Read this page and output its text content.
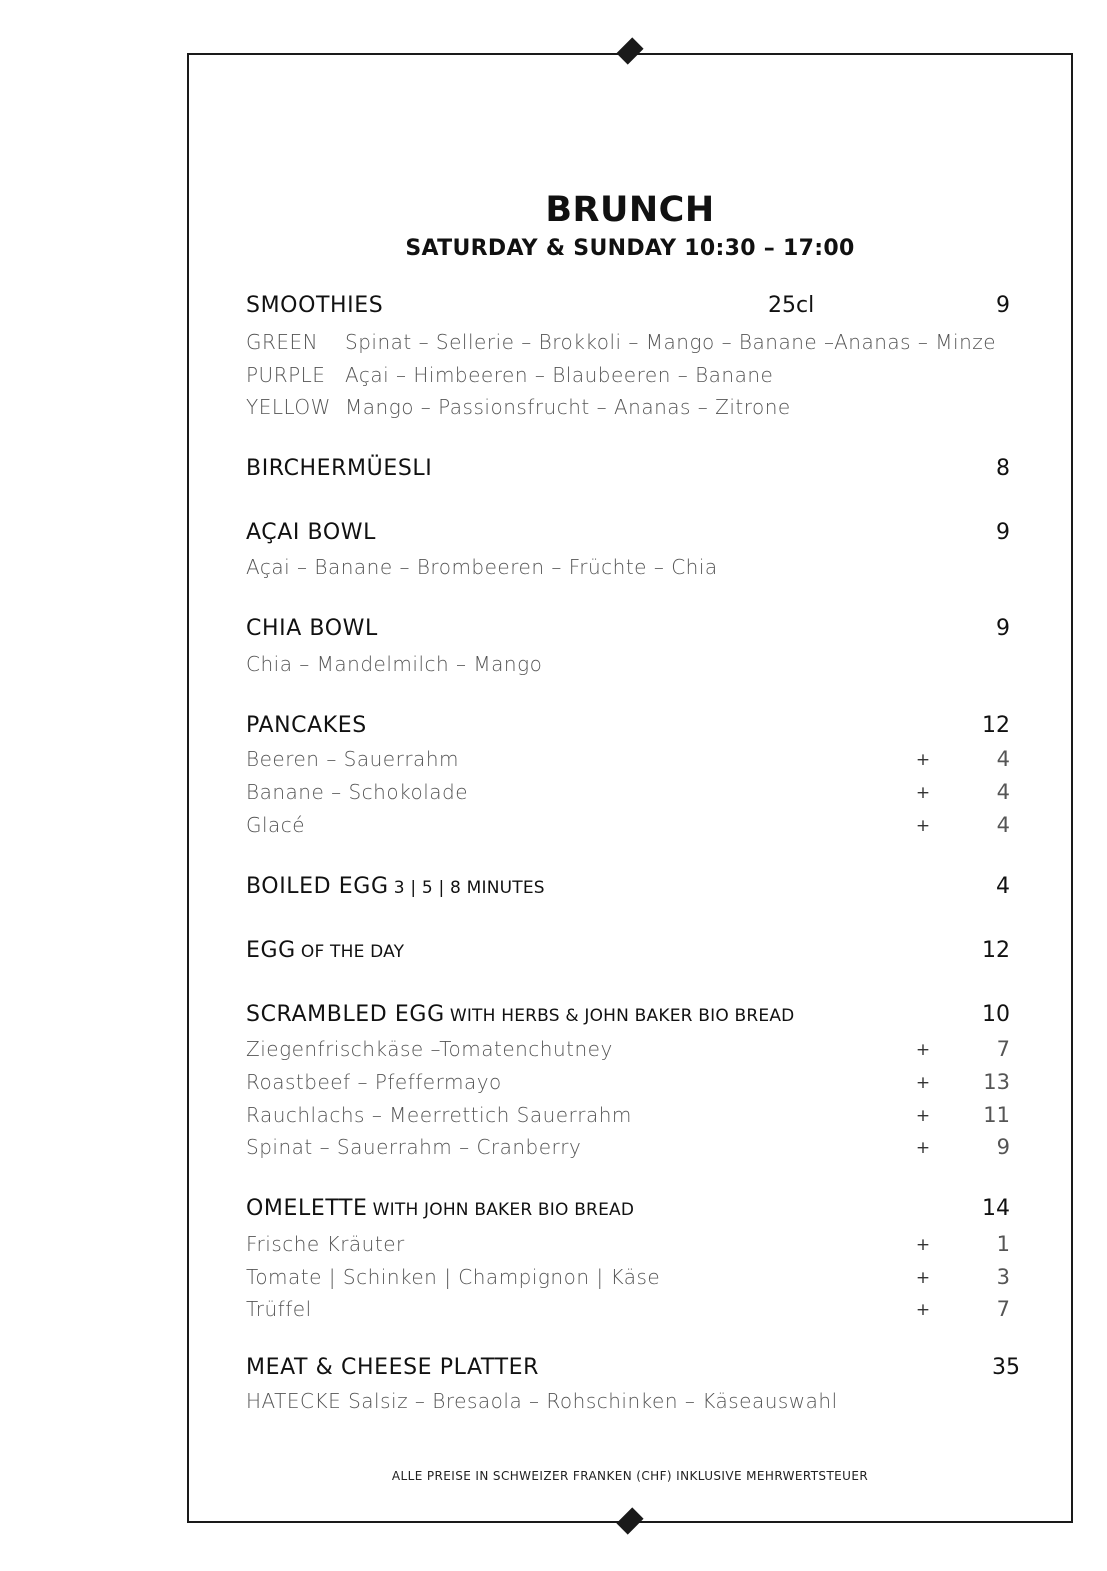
BRUNCH
SATURDAY & SUNDAY 10:30 – 17:00
SMOOTHIES	25cl	9
GREEN Spinat – Sellerie – Brokkoli – Mango – Banane –Ananas – Minze
PURPLE Açai – Himbeeren – Blaubeeren – Banane
YELLOW Mango – Passionsfrucht – Ananas – Zitrone
BIRCHERMÜESLI	8
AÇAI BOWL	9
Açai – Banane – Brombeeren – Früchte – Chia
CHIA BOWL	9
Chia – Mandelmilch – Mango
PANCAKES	12
Beeren – Sauerrahm	+	4
Banane – Schokolade	+	4
Glacé	+	4
BOILED EGG 3 | 5 | 8 MINUTES	4
EGG OF THE DAY	12
SCRAMBLED EGG WITH HERBS & JOHN BAKER BIO BREAD	10
Ziegenfrischkäse –Tomatenchutney	+	7
Roastbeef – Pfeffermayo	+	13
Rauchlachs – Meerrettich Sauerrahm	+	11
Spinat – Sauerrahm – Cranberry	+	9
OMELETTE WITH JOHN BAKER BIO BREAD	14
Frische Kräuter	+	1
Tomate | Schinken | Champignon | Käse	+	3
Trüffel	+	7
MEAT & CHEESE PLATTER	35
HATECKE Salsiz – Bresaola – Rohschinken – Käseauswahl
ALLE PREISE IN SCHWEIZER FRANKEN (CHF) INKLUSIVE MEHRWERTSTEUER
